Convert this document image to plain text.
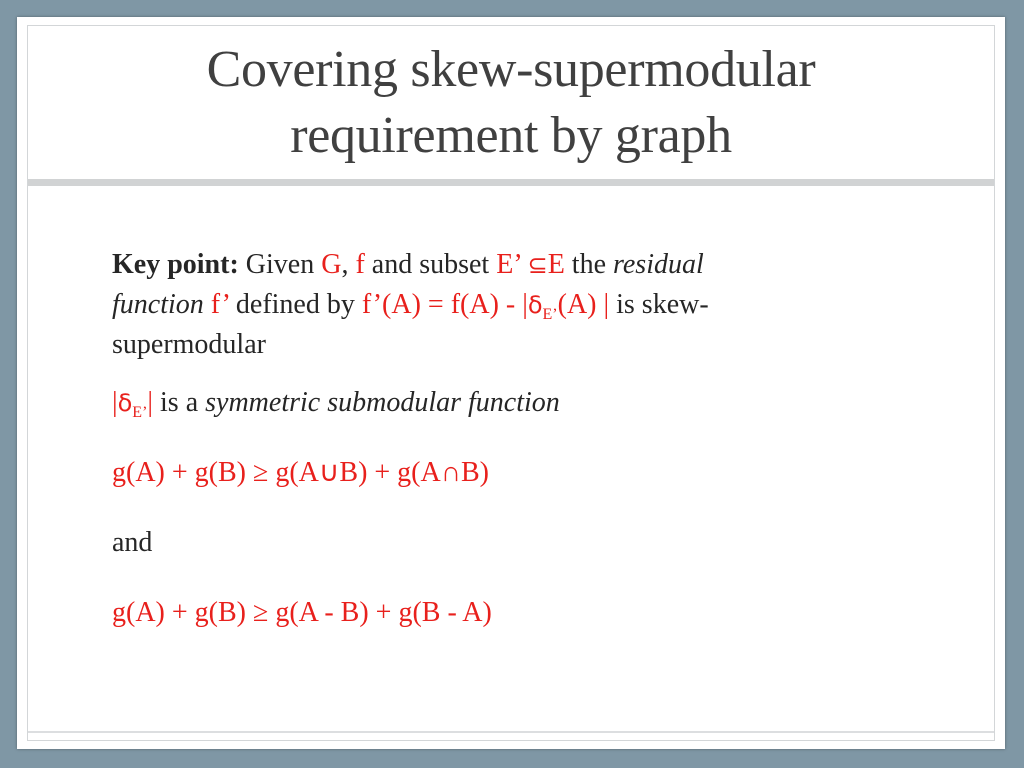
Covering skew-supermodular
requirement by graph

Key point: Given G, f and subset E’ ⊆E the residual
function f’ defined by f’(A) = $f(A) - |\delta_{E’}(A)$ | is skew-
supermodular

$|\delta_{E’}|$ is a symmetric submodular function

g(A) + g(B) ≥ g(A∪B) + g(A∩B)

and

g(A) + g(B) ≥ g(A - B) + g(B - A)
